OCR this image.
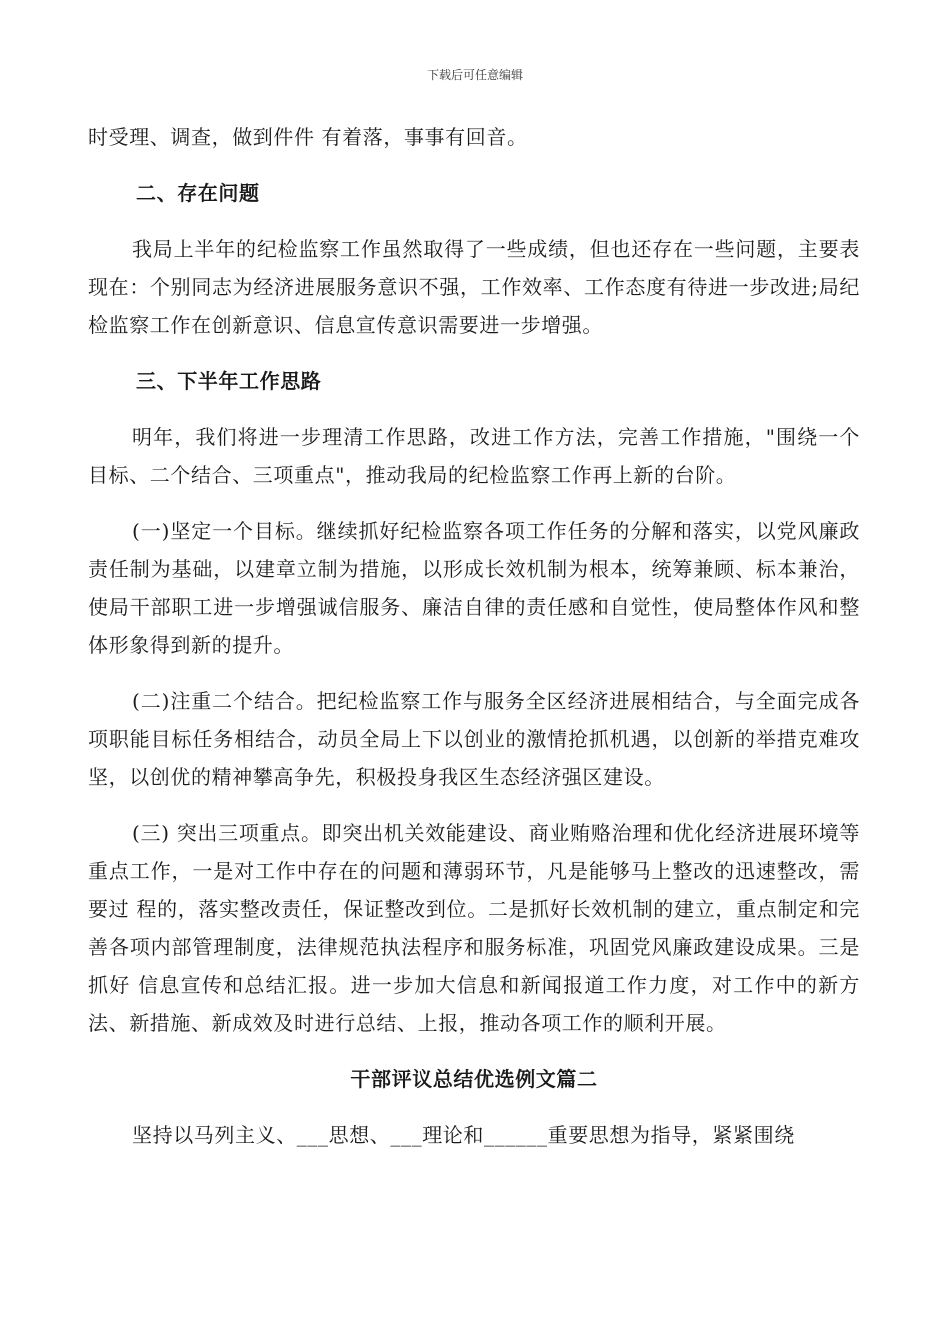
下载后可任意编辑

时受理、调查，做到件件 有着落，事事有回音。

二、存在问题

我局上半年的纪检监察工作虽然取得了一些成绩，但也还存在一些问题，主要表现在：个别同志为经济进展服务意识不强，工作效率、工作态度有待进一步改进;局纪检监察工作在创新意识、信息宣传意识需要进一步增强。

三、下半年工作思路

明年，我们将进一步理清工作思路，改进工作方法，完善工作措施，"围绕一个目标、二个结合、三项重点"，推动我局的纪检监察工作再上新的台阶。

(一)坚定一个目标。继续抓好纪检监察各项工作任务的分解和落实，以党风廉政责任制为基础，以建章立制为措施，以形成长效机制为根本，统筹兼顾、标本兼治，使局干部职工进一步增强诚信服务、廉洁自律的责任感和自觉性，使局整体作风和整体形象得到新的提升。

(二)注重二个结合。把纪检监察工作与服务全区经济进展相结合，与全面完成各项职能目标任务相结合，动员全局上下以创业的激情抢抓机遇，以创新的举措克难攻坚，以创优的精神攀高争先，积极投身我区生态经济强区建设。

(三) 突出三项重点。即突出机关效能建设、商业贿赂治理和优化经济进展环境等重点工作，一是对工作中存在的问题和薄弱环节，凡是能够马上整改的迅速整改，需要过 程的，落实整改责任，保证整改到位。二是抓好长效机制的建立，重点制定和完善各项内部管理制度，法律规范执法程序和服务标准，巩固党风廉政建设成果。三是抓好 信息宣传和总结汇报。进一步加大信息和新闻报道工作力度，对工作中的新方法、新措施、新成效及时进行总结、上报，推动各项工作的顺利开展。

干部评议总结优选例文篇二

坚持以马列主义、___思想、___理论和______重要思想为指导，紧紧围绕
